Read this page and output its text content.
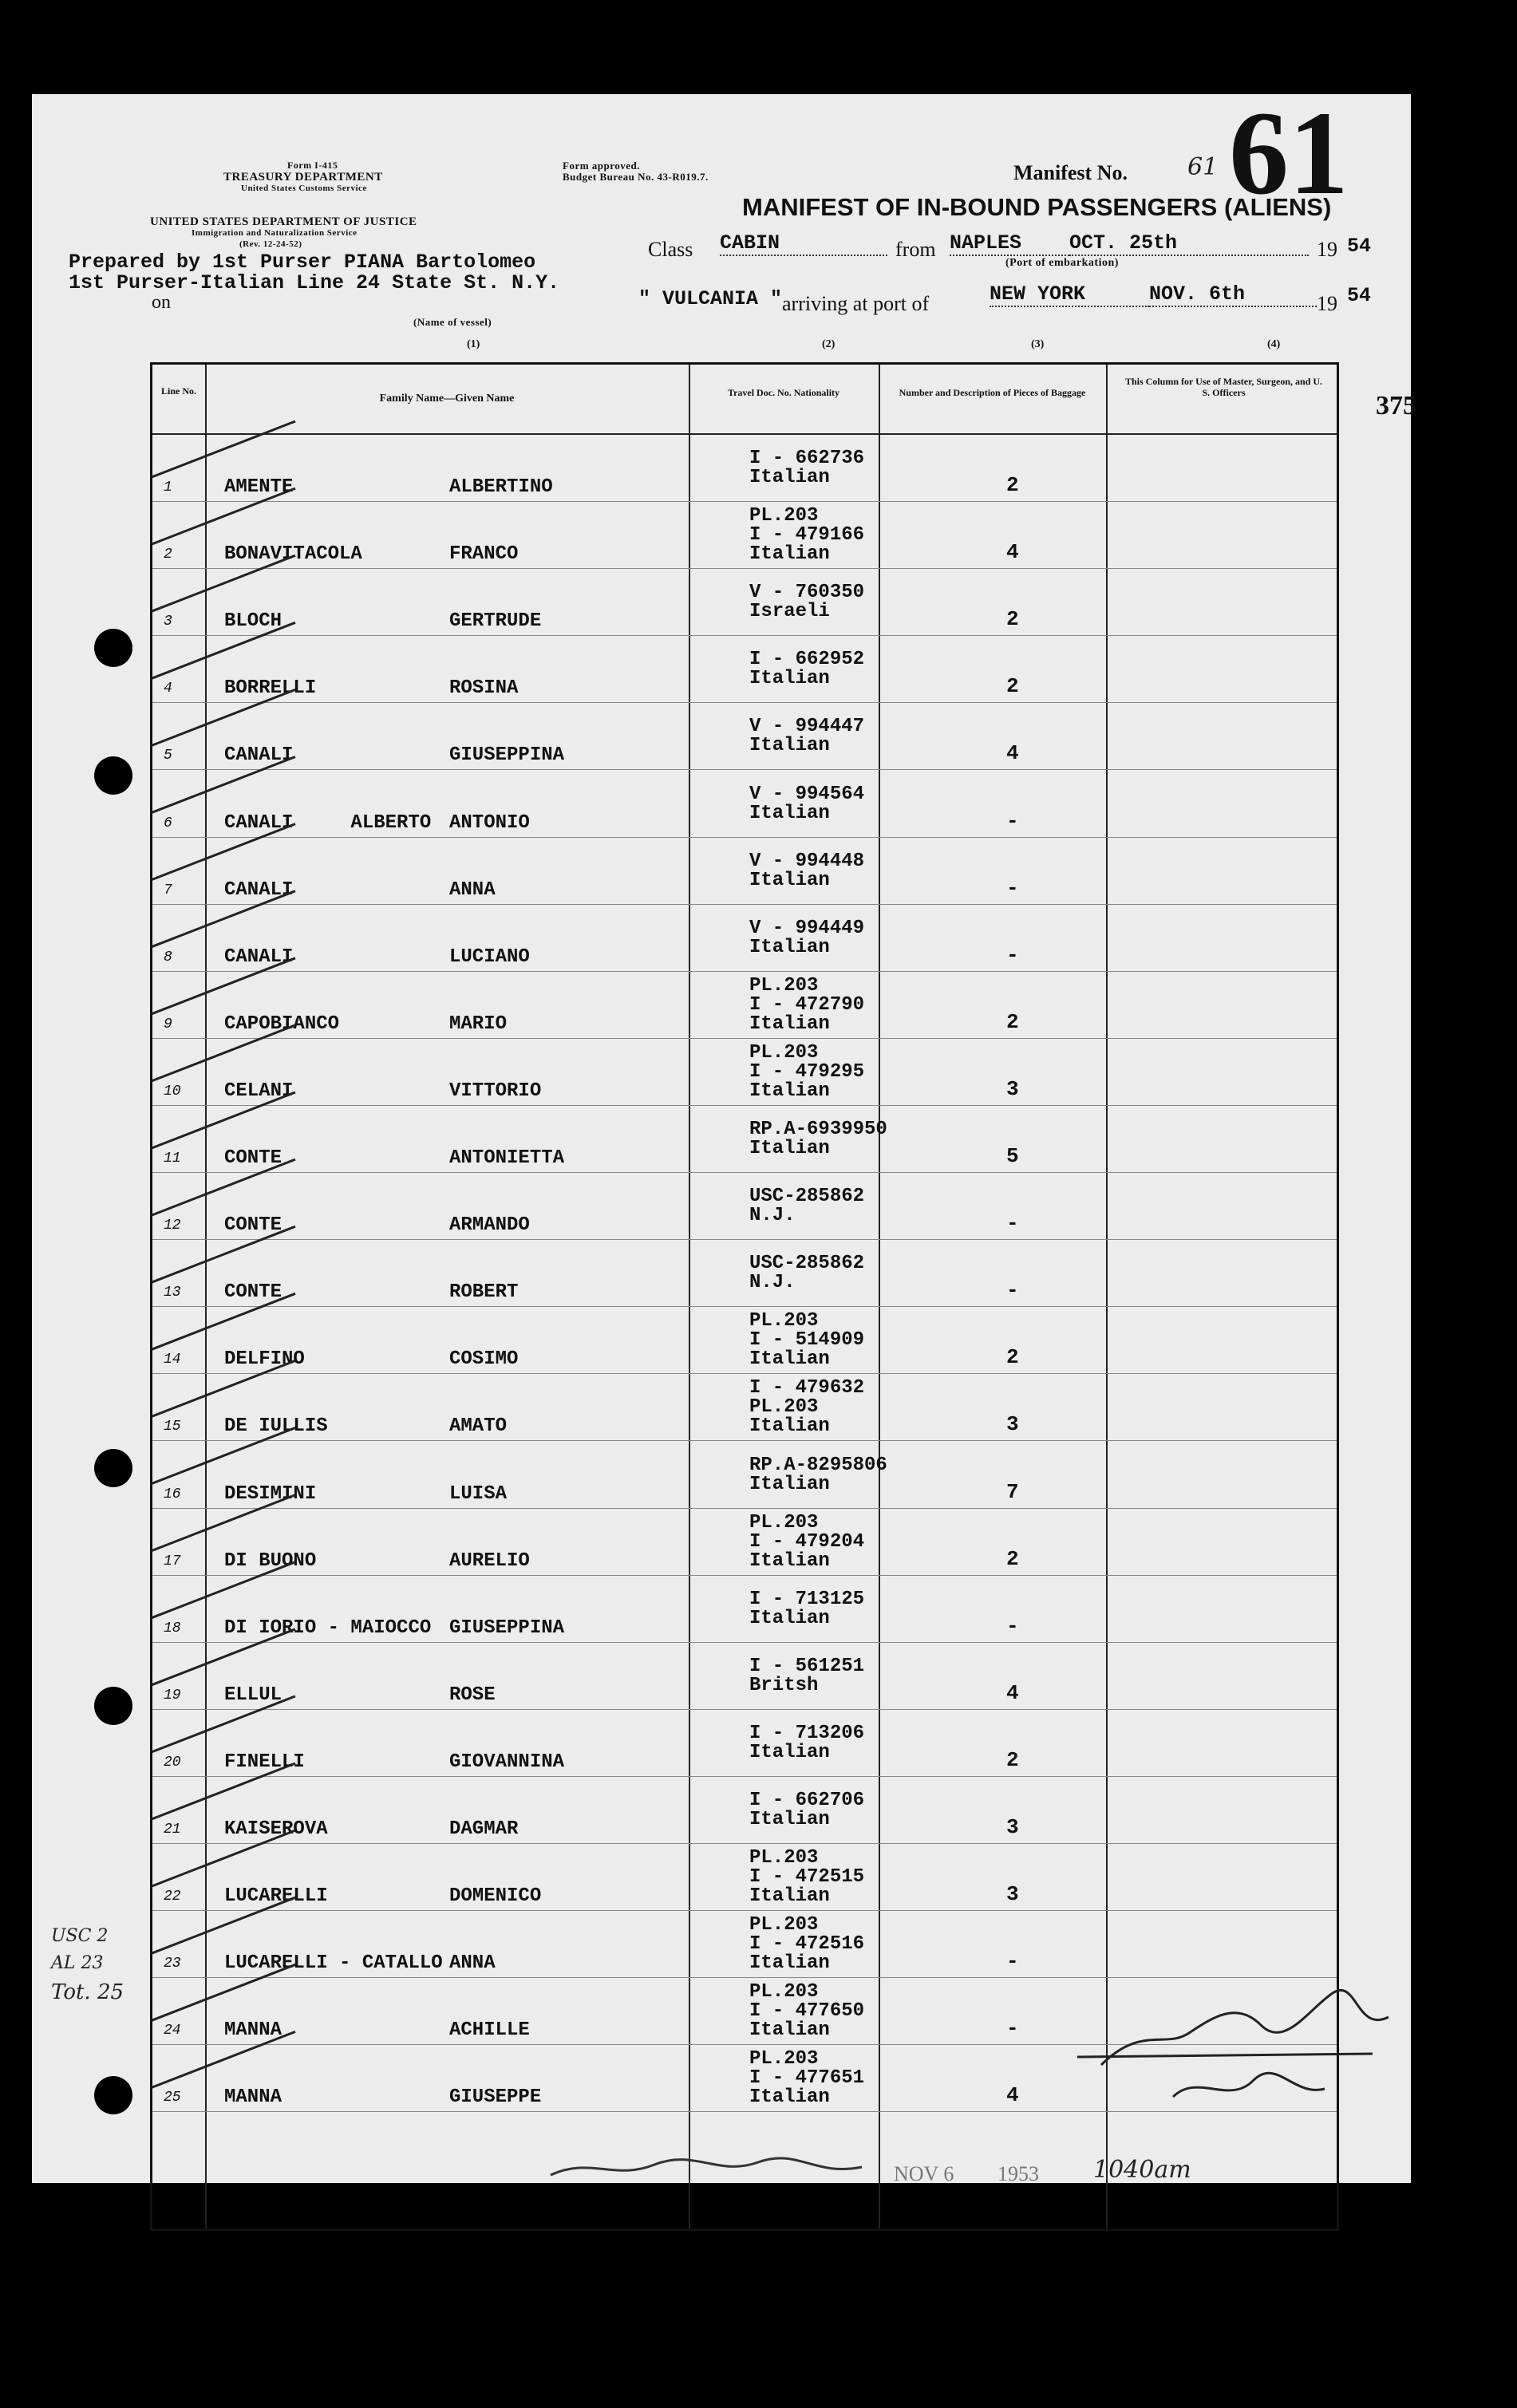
Form I-415
TREASURY DEPARTMENT
United States Customs Service
UNITED STATES DEPARTMENT OF JUSTICE
Immigration and Naturalization Service
(Rev. 12-24-52)
Form approved.
Budget Bureau No. 43-R019.7.	Manifest No.	61 61
MANIFEST OF IN-BOUND PASSENGERS (ALIENS)
Prepared by 1st Purser PIANA Bartolomeo
1st Purser-Italian Line 24 State St. N.Y.
on
Class CABIN	from NAPLES	OCT. 25th	19 54
(Port of embarkation)
" VULCANIA " arriving at port of	NEW YORK	NOV. 6th	19 54
(Name of vessel)
(1)	(2)	(3)	(4)
375
Line No.
Family Name—Given Name	Travel Doc. No. Nationality	Number and Description of Pieces of Baggage
This Column for Use of Master, Surgeon, and U. S. Officers
1	AMENTE	ALBERTINO
I - 662736
Italian	2
2	BONAVITACOLA	FRANCO
PL.203
I - 479166
Italian	4
3	BLOCH	GERTRUDE
V - 760350
Israeli	2
4	BORRELLI	ROSINA
I - 662952
Italian	2
5	CANALI	GIUSEPPINA
V - 994447
Italian	4
6	CANALI     ALBERTO ANTONIO
V - 994564
Italian	-
7	CANALI	ANNA
V - 994448
Italian	-
8	CANALI	LUCIANO
V - 994449
Italian	-
9	CAPOBIANCO	MARIO
PL.203
I - 472790
Italian	2
10 CELANI	VITTORIO
PL.203
I - 479295
Italian	3
11 CONTE	ANTONIETTA
RP.A-6939950
Italian	5
12 CONTE	ARMANDO
USC-285862
N.J.	-
13 CONTE	ROBERT
USC-285862
N.J.	-
14 DELFINO	COSIMO
PL.203
I - 514909
Italian	2
15 DE IULLIS	AMATO
I - 479632
PL.203
Italian	3
16 DESIMINI	LUISA
RP.A-8295806
Italian	7
17 DI BUONO	AURELIO
PL.203
I - 479204
Italian	2
18 DI IORIO - MAIOCCO GIUSEPPINA
I - 713125
Italian	-
19 ELLUL	ROSE
I - 561251
Britsh	4
20 FINELLI	GIOVANNINA
I - 713206
Italian	2
21 KAISEROVA	DAGMAR
I - 662706
Italian	3
22 LUCARELLI	DOMENICO
PL.203
I - 472515
Italian	3
23 LUCARELLI - CATALLO ANNA
PL.203
I - 472516
Italian	-
24 MANNA	ACHILLE
PL.203
I - 477650
Italian	-
25 MANNA	GIUSEPPE
PL.203
I - 477651
Italian	4
USC 2
AL 23
Tot. 25
NOV 6 1953 1040am
